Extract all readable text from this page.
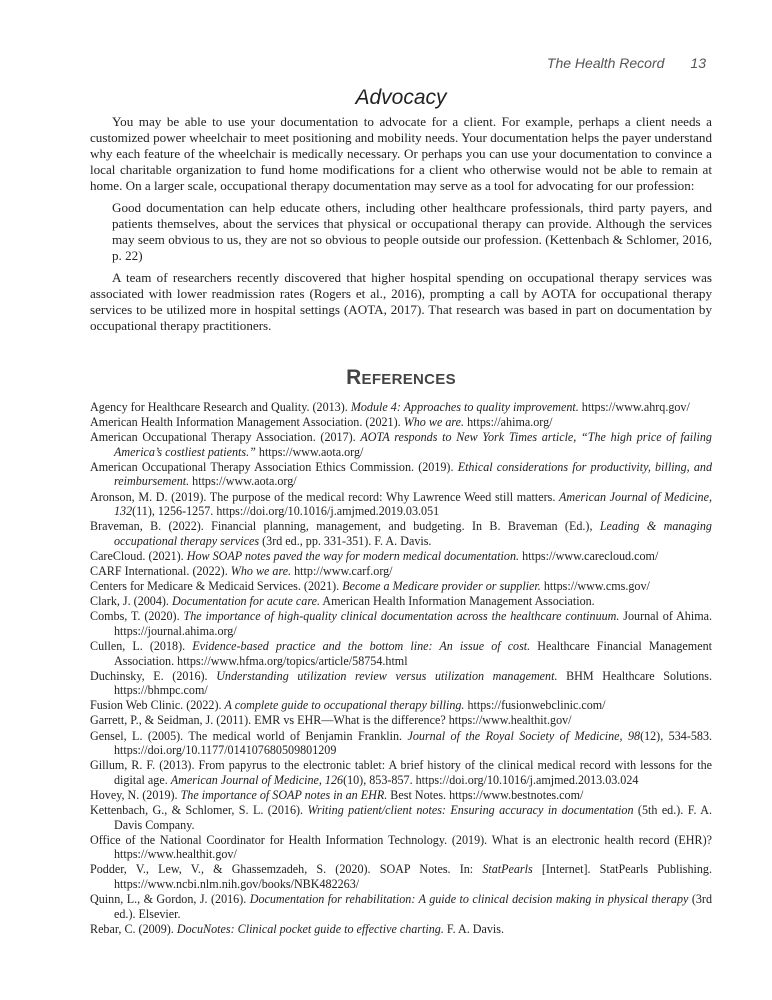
The Health Record 13
Advocacy

You may be able to use your documentation to advocate for a client. For example, perhaps a client needs a customized power wheelchair to meet positioning and mobility needs. Your documentation helps the payer understand why each feature of the wheelchair is medically necessary. Or perhaps you can use your documentation to convince a local charitable organization to fund home modifications for a client who otherwise would not be able to remain at home. On a larger scale, occupational therapy documentation may serve as a tool for advocating for our profession:

Good documentation can help educate others, including other healthcare professionals, third party payers, and patients themselves, about the services that physical or occupational therapy can provide. Although the services may seem obvious to us, they are not so obvious to people outside our profession. (Kettenbach & Schlomer, 2016, p. 22)

A team of researchers recently discovered that higher hospital spending on occupational therapy services was associated with lower readmission rates (Rogers et al., 2016), prompting a call by AOTA for occupational therapy services to be utilized more in hospital settings (AOTA, 2017). That research was based in part on documentation by occupational therapy practitioners.

References
Agency for Healthcare Research and Quality. (2013). Module 4: Approaches to quality improvement. https://www.ahrq.gov/
American Health Information Management Association. (2021). Who we are. https://ahima.org/
American Occupational Therapy Association. (2017). AOTA responds to New York Times article, “The high price of failing America’s costliest patients.” https://www.aota.org/
American Occupational Therapy Association Ethics Commission. (2019). Ethical considerations for productivity, billing, and reimbursement. https://www.aota.org/
Aronson, M. D. (2019). The purpose of the medical record: Why Lawrence Weed still matters. American Journal of Medicine, 132(11), 1256-1257. https://doi.org/10.1016/j.amjmed.2019.03.051
Braveman, B. (2022). Financial planning, management, and budgeting. In B. Braveman (Ed.), Leading & managing occupational therapy services (3rd ed., pp. 331-351). F. A. Davis.
CareCloud. (2021). How SOAP notes paved the way for modern medical documentation. https://www.carecloud.com/
CARF International. (2022). Who we are. http://www.carf.org/
Centers for Medicare & Medicaid Services. (2021). Become a Medicare provider or supplier. https://www.cms.gov/
Clark, J. (2004). Documentation for acute care. American Health Information Management Association.
Combs, T. (2020). The importance of high-quality clinical documentation across the healthcare continuum. Journal of Ahima. https://journal.ahima.org/
Cullen, L. (2018). Evidence-based practice and the bottom line: An issue of cost. Healthcare Financial Management Association. https://www.hfma.org/topics/article/58754.html
Duchinsky, E. (2016). Understanding utilization review versus utilization management. BHM Healthcare Solutions. https://bhmpc.com/
Fusion Web Clinic. (2022). A complete guide to occupational therapy billing. https://fusionwebclinic.com/
Garrett, P., & Seidman, J. (2011). EMR vs EHR—What is the difference? https://www.healthit.gov/
Gensel, L. (2005). The medical world of Benjamin Franklin. Journal of the Royal Society of Medicine, 98(12), 534-583. https://doi.org/10.1177/014107680509801209
Gillum, R. F. (2013). From papyrus to the electronic tablet: A brief history of the clinical medical record with lessons for the digital age. American Journal of Medicine, 126(10), 853-857. https://doi.org/10.1016/j.amjmed.2013.03.024
Hovey, N. (2019). The importance of SOAP notes in an EHR. Best Notes. https://www.bestnotes.com/
Kettenbach, G., & Schlomer, S. L. (2016). Writing patient/client notes: Ensuring accuracy in documentation (5th ed.). F. A. Davis Company.
Office of the National Coordinator for Health Information Technology. (2019). What is an electronic health record (EHR)? https://www.healthit.gov/
Podder, V., Lew, V., & Ghassemzadeh, S. (2020). SOAP Notes. In: StatPearls [Internet]. StatPearls Publishing. https://www.ncbi.nlm.nih.gov/books/NBK482263/
Quinn, L., & Gordon, J. (2016). Documentation for rehabilitation: A guide to clinical decision making in physical therapy (3rd ed.). Elsevier.
Rebar, C. (2009). DocuNotes: Clinical pocket guide to effective charting. F. A. Davis.
